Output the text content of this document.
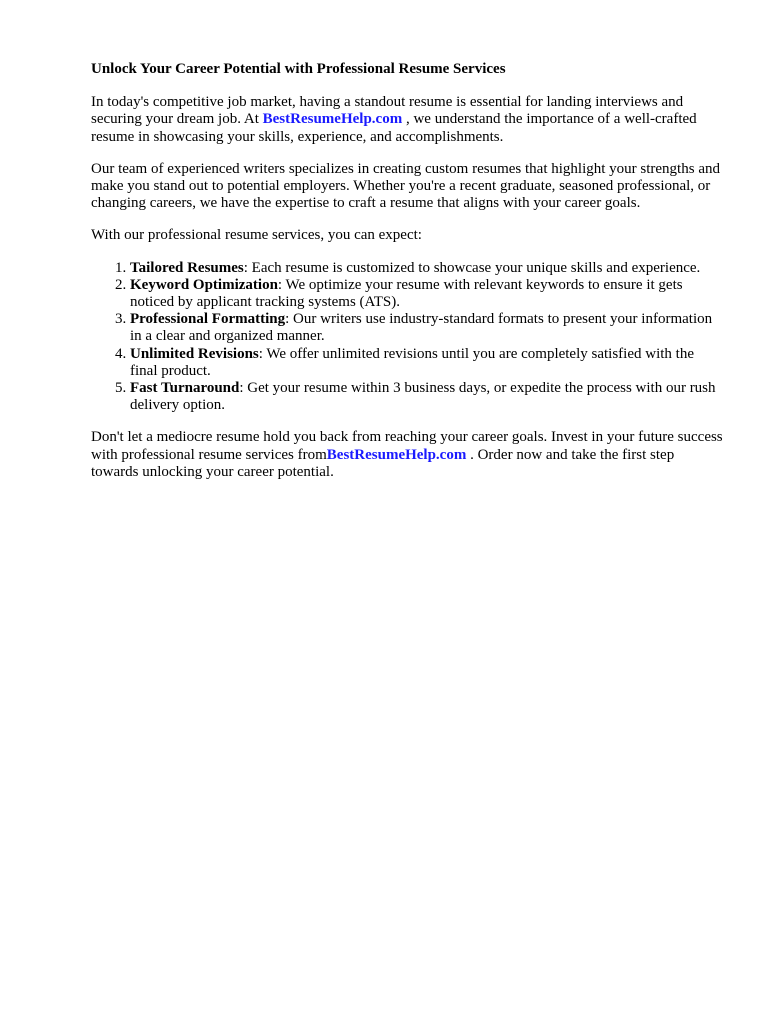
Unlock Your Career Potential with Professional Resume Services

In today's competitive job market, having a standout resume is essential for landing interviews and securing your dream job. At BestResumeHelp.com , we understand the importance of a well-crafted resume in showcasing your skills, experience, and accomplishments.

Our team of experienced writers specializes in creating custom resumes that highlight your strengths and make you stand out to potential employers. Whether you're a recent graduate, seasoned professional, or changing careers, we have the expertise to craft a resume that aligns with your career goals.

With our professional resume services, you can expect:

1. Tailored Resumes: Each resume is customized to showcase your unique skills and experience.
2. Keyword Optimization: We optimize your resume with relevant keywords to ensure it gets noticed by applicant tracking systems (ATS).
3. Professional Formatting: Our writers use industry-standard formats to present your information in a clear and organized manner.
4. Unlimited Revisions: We offer unlimited revisions until you are completely satisfied with the final product.
5. Fast Turnaround: Get your resume within 3 business days, or expedite the process with our rush delivery option.

Don't let a mediocre resume hold you back from reaching your career goals. Invest in your future success with professional resume services fromBestResumeHelp.com . Order now and take the first step towards unlocking your career potential.
